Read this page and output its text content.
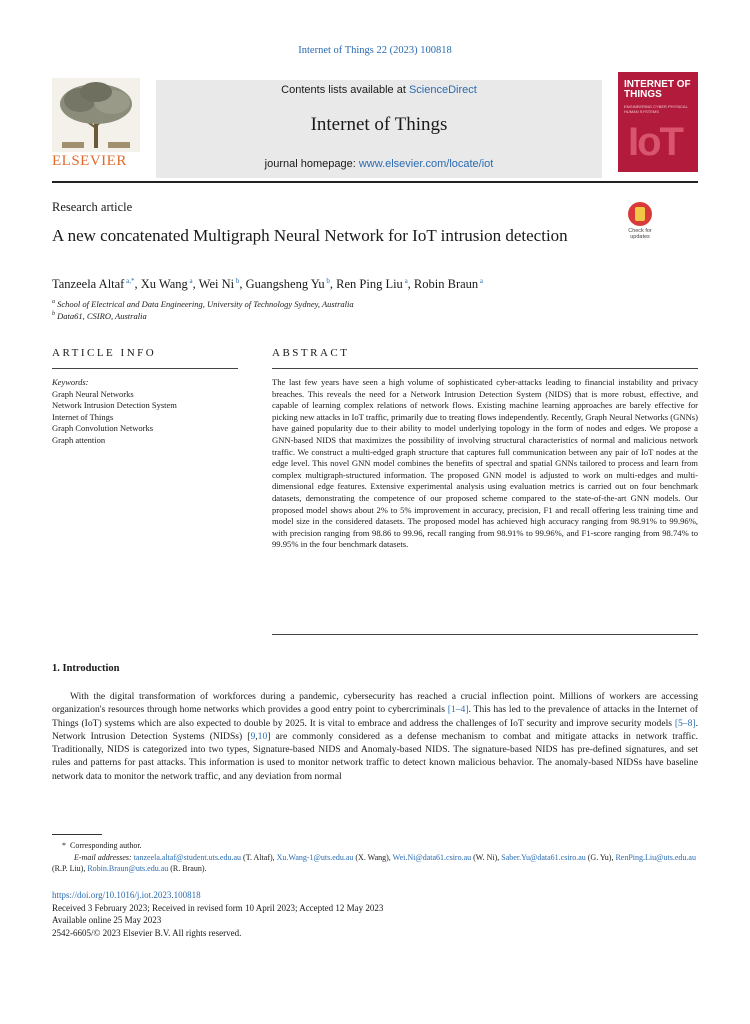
Internet of Things 22 (2023) 100818
ELSEVIER
Contents lists available at ScienceDirect
Internet of Things
journal homepage: www.elsevier.com/locate/iot
INTERNET OF THINGS
ENGINEERING CYBER PHYSICAL HUMAN SYSTEMS
IoT
Research article
A new concatenated Multigraph Neural Network for IoT intrusion detection	Check for updates
Tanzeela Altaf $^{a,*}$, Xu Wang $^a$, Wei Ni $^b$, Guangsheng Yu $^b$, Ren Ping Liu $^a$, Robin Braun $^a$
$^a$ School of Electrical and Data Engineering, University of Technology Sydney, Australia
$^b$ Data61, CSIRO, Australia
ARTICLE INFO	ABSTRACT
Keywords:
Graph Neural Networks
Network Intrusion Detection System
Internet of Things
Graph Convolution Networks
Graph attention
The last few years have seen a high volume of sophisticated cyber-attacks leading to financial instability and privacy breaches. This reveals the need for a Network Intrusion Detection System (NIDS) that is more robust, effective, and capable of learning complex relations of network flows. Existing machine learning approaches are barely effective for picking new attacks in IoT traffic, primarily due to treating flows independently. Recently, Graph Neural Networks (GNNs) have gained popularity due to their ability to model underlying topology in the form of nodes and edges. We propose a GNN-based NIDS that maximizes the possibility of involving structural characteristics of normal and malicious network traffic. We construct a multi-edged graph structure that captures full communication between any pair of IoT nodes at the edge level. This novel GNN model combines the benefits of spectral and spatial GNNs tailored to process and learn from complex multigraph-structured information. The proposed GNN model is adjusted to work on multi-edges and multi-dimensional edge features. Extensive experimental analysis using evaluation metrics is carried out on four benchmark datasets, demonstrating the competence of our proposed scheme compared to the state-of-the-art GNN models. Our proposed model shows about 2% to 5% improvement in accuracy, precision, F1 and recall offering less training time and model size in the considered datasets. The proposed model has achieved high accuracy ranging from 98.91% to 99.96%, with precision ranging from 98.86 to 99.96, recall ranging from 98.91% to 99.96%, and F1-score ranging from 98.74% to 99.95% in the four benchmark datasets.
1. Introduction
With the digital transformation of workforces during a pandemic, cybersecurity has reached a crucial inflection point. Millions of workers are accessing organization's resources through home networks which provides a good entry point to cybercriminals [1–4]. This has led to the prevalence of attacks in the Internet of Things (IoT) systems which are also expected to double by 2025. It is vital to embrace and address the challenges of IoT security and improve security models [5–8]. Network Intrusion Detection Systems (NIDSs) [9,10] are commonly considered as a defense mechanism to combat and mitigate attacks in network traffic. Traditionally, NIDS is categorized into two types, Signature-based NIDS and Anomaly-based NIDS. The signature-based NIDS has pre-defined signatures, and set rules and patterns for past attacks. This information is used to monitor network traffic to detect known malicious behavior. The anomaly-based NIDSs have baseline network data to monitor the network traffic, and any deviation from normal
* Corresponding author.
E-mail addresses: tanzeela.altaf@student.uts.edu.au (T. Altaf), Xu.Wang-1@uts.edu.au (X. Wang), Wei.Ni@data61.csiro.au (W. Ni), Saber.Yu@data61.csiro.au (G. Yu), RenPing.Liu@uts.edu.au (R.P. Liu), Robin.Braun@uts.edu.au (R. Braun).
https://doi.org/10.1016/j.iot.2023.100818
Received 3 February 2023; Received in revised form 10 April 2023; Accepted 12 May 2023
Available online 25 May 2023
2542-6605/© 2023 Elsevier B.V. All rights reserved.
